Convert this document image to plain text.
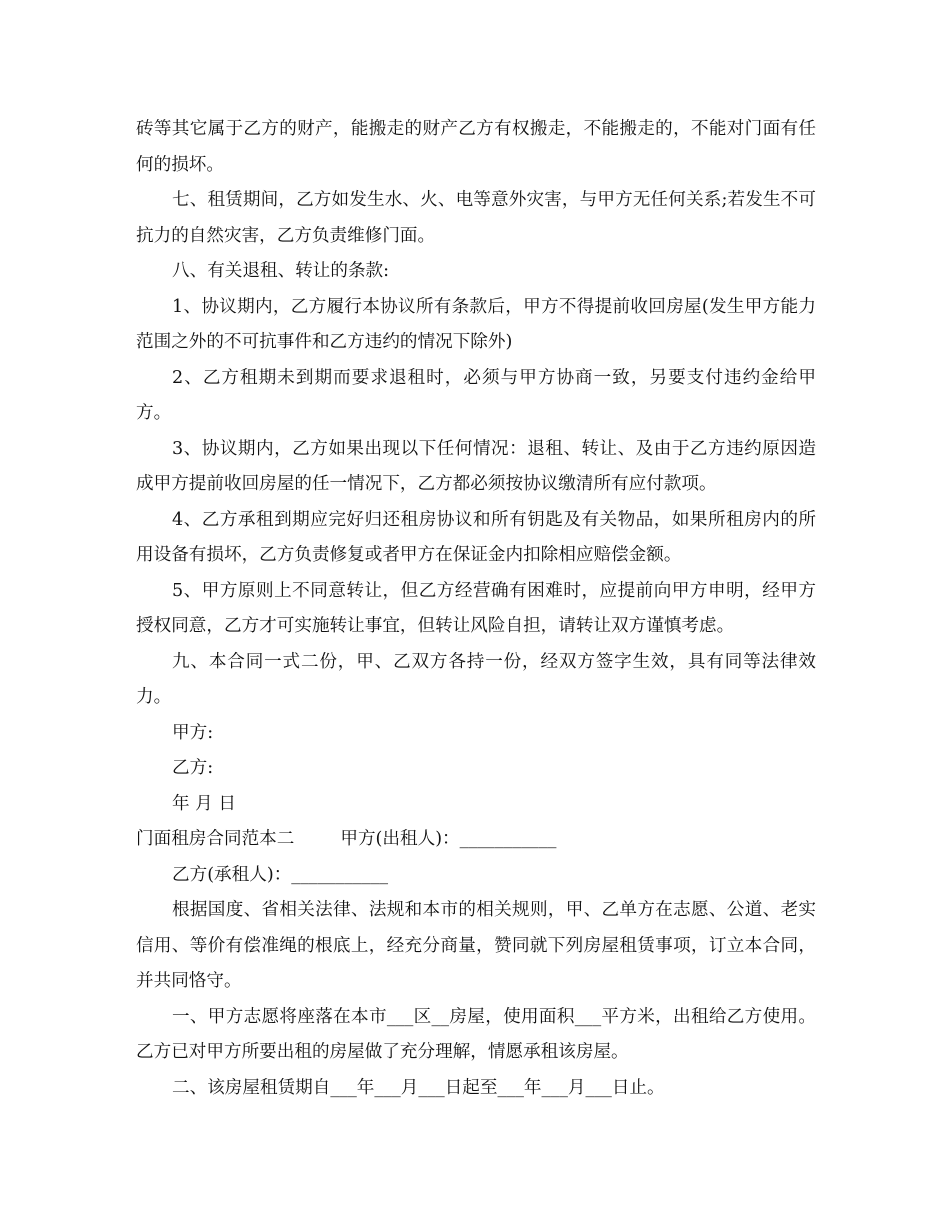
砖等其它属于乙方的财产，能搬走的财产乙方有权搬走，不能搬走的，不能对门面有任何的损坏。

七、租赁期间，乙方如发生水、火、电等意外灾害，与甲方无任何关系;若发生不可抗力的自然灾害，乙方负责维修门面。

八、有关退租、转让的条款:

1、协议期内，乙方履行本协议所有条款后，甲方不得提前收回房屋(发生甲方能力范围之外的不可抗事件和乙方违约的情况下除外)

2、乙方租期未到期而要求退租时，必须与甲方协商一致，另要支付违约金给甲方。

3、协议期内，乙方如果出现以下任何情况：退租、转让、及由于乙方违约原因造成甲方提前收回房屋的任一情况下，乙方都必须按协议缴清所有应付款项。

4、乙方承租到期应完好归还租房协议和所有钥匙及有关物品，如果所租房内的所用设备有损坏，乙方负责修复或者甲方在保证金内扣除相应赔偿金额。

5、甲方原则上不同意转让，但乙方经营确有困难时，应提前向甲方申明，经甲方授权同意，乙方才可实施转让事宜，但转让风险自担，请转让双方谨慎考虑。

九、本合同一式二份，甲、乙双方各持一份，经双方签字生效，具有同等法律效力。

甲方:

乙方:

年 月 日

门面租房合同范本二	甲方(出租人)：___________

乙方(承租人)：___________

根据国度、省相关法律、法规和本市的相关规则，甲、乙单方在志愿、公道、老实信用、等价有偿准绳的根底上，经充分商量，赞同就下列房屋租赁事项，订立本合同，并共同恪守。

一、甲方志愿将座落在本市___区__房屋，使用面积___平方米，出租给乙方使用。乙方已对甲方所要出租的房屋做了充分理解，情愿承租该房屋。

二、该房屋租赁期自___年___月___日起至___年___月___日止。
